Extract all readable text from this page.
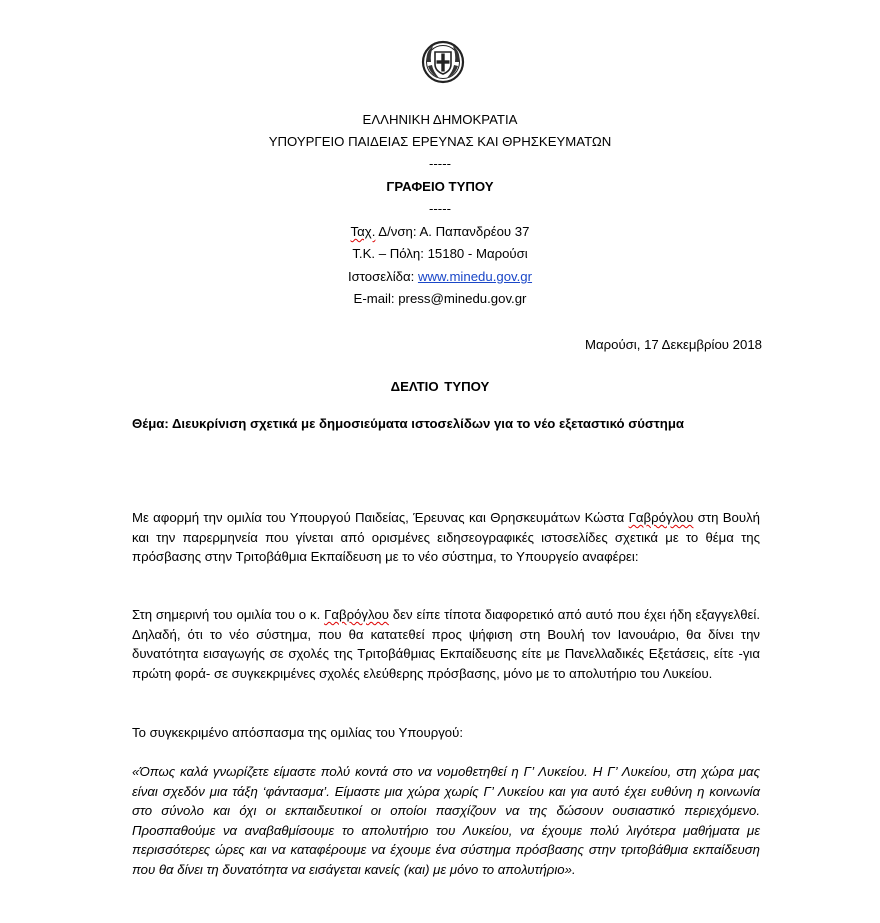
ΕΛΛΗΝΙΚΗ ΔΗΜΟΚΡΑΤΙΑ
ΥΠΟΥΡΓΕΙΟ ΠΑΙΔΕΙΑΣ ΕΡΕΥΝΑΣ ΚΑΙ ΘΡΗΣΚΕΥΜΑΤΩΝ
-----
ΓΡΑΦΕΙΟ ΤΥΠΟΥ
-----
Ταχ. Δ/νση: Α. Παπανδρέου 37
Τ.Κ. – Πόλη: 15180 - Μαρούσι
Ιστοσελίδα: www.minedu.gov.gr
E-mail: press@minedu.gov.gr
Μαρούσι, 17 Δεκεμβρίου 2018
ΔΕΛΤΙΟ ΤΥΠΟΥ
Θέμα: Διευκρίνιση σχετικά με δημοσιεύματα ιστοσελίδων για το νέο εξεταστικό σύστημα

Με αφορμή την ομιλία του Υπουργού Παιδείας, Έρευνας και Θρησκευμάτων Κώστα Γαβρόγλου στη Βουλή και την παρερμηνεία που γίνεται από ορισμένες ειδησεογραφικές ιστοσελίδες σχετικά με το θέμα της πρόσβασης στην Τριτοβάθμια Εκπαίδευση με το νέο σύστημα, το Υπουργείο αναφέρει:

Στη σημερινή του ομιλία του ο κ. Γαβρόγλου δεν είπε τίποτα διαφορετικό από αυτό που έχει ήδη εξαγγελθεί. Δηλαδή, ότι το νέο σύστημα, που θα κατατεθεί προς ψήφιση στη Βουλή τον Ιανουάριο, θα δίνει την δυνατότητα εισαγωγής σε σχολές της Τριτοβάθμιας Εκπαίδευσης είτε με Πανελλαδικές Εξετάσεις, είτε -για πρώτη φορά- σε συγκεκριμένες σχολές ελεύθερης πρόσβασης, μόνο με το απολυτήριο του Λυκείου.

Το συγκεκριμένο απόσπασμα της ομιλίας του Υπουργού:

«Όπως καλά γνωρίζετε είμαστε πολύ κοντά στο να νομοθετηθεί η Γ’ Λυκείου. Η Γ’ Λυκείου, στη χώρα μας είναι σχεδόν μια τάξη ‘φάντασμα’. Είμαστε μια χώρα χωρίς Γ’ Λυκείου και για αυτό έχει ευθύνη η κοινωνία στο σύνολο και όχι οι εκπαιδευτικοί οι οποίοι πασχίζουν να της δώσουν ουσιαστικό περιεχόμενο. Προσπαθούμε να αναβαθμίσουμε το απολυτήριο του Λυκείου, να έχουμε πολύ λιγότερα μαθήματα με περισσότερες ώρες και να καταφέρουμε να έχουμε ένα σύστημα πρόσβασης στην τριτοβάθμια εκπαίδευση που θα δίνει τη δυνατότητα να εισάγεται κανείς (και) με μόνο το απολυτήριο».
